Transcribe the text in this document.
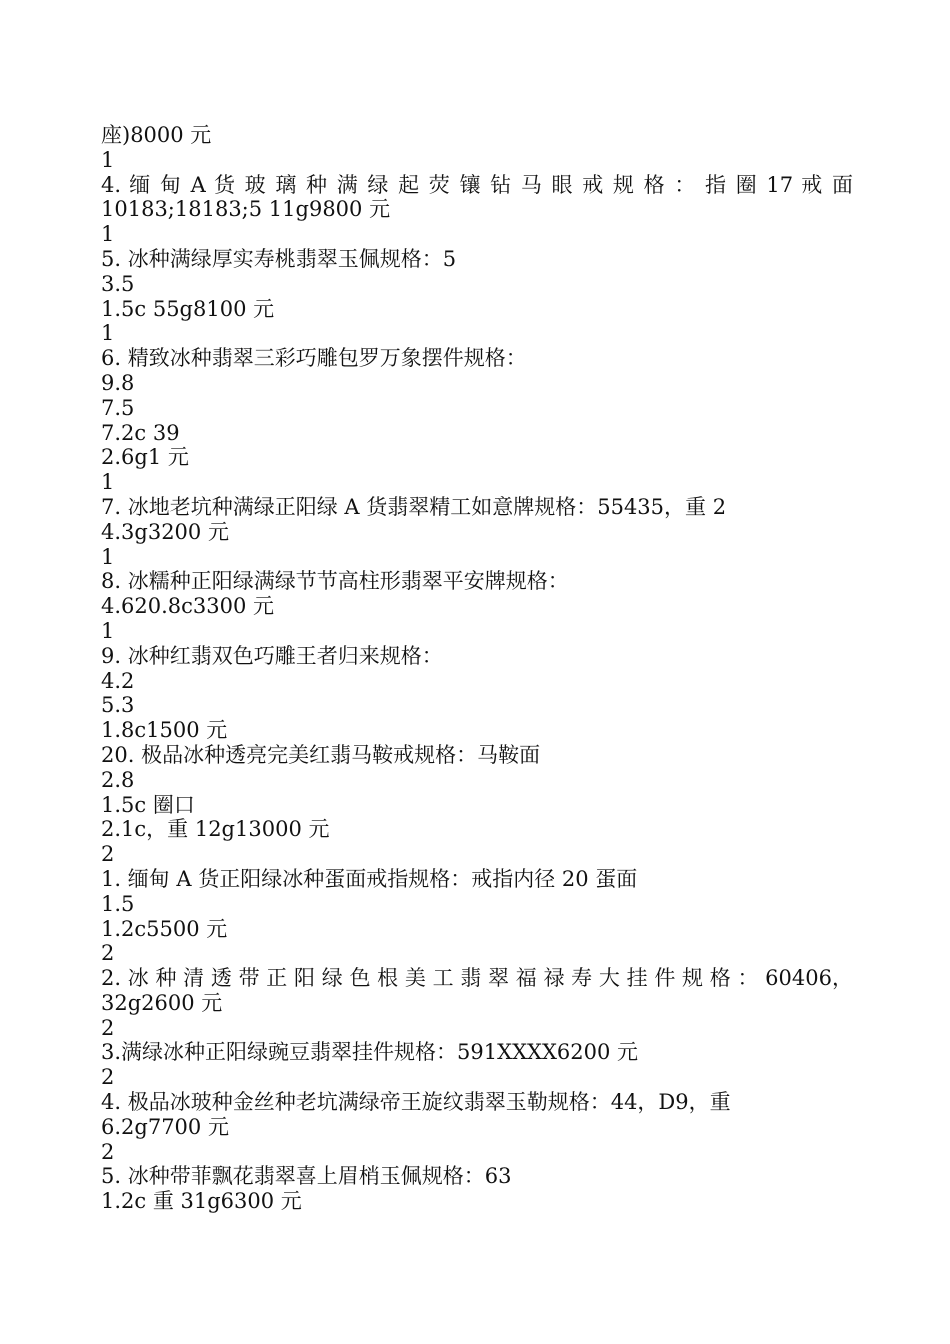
座)8000 元
1
4. 缅 甸 A 货 玻 璃 种 满 绿 起 荧 镶 钻 马 眼 戒 规 格 ： 指 圈 17 戒 面
10183;18183;5 11g9800 元
1
5. 冰种满绿厚实寿桃翡翠玉佩规格：5
3.5
1.5c 55g8100 元
1
6. 精致冰种翡翠三彩巧雕包罗万象摆件规格：
9.8
7.5
7.2c 39
2.6g1 元
1
7. 冰地老坑种满绿正阳绿 A 货翡翠精工如意牌规格：55435，重 2
4.3g3200 元
1
8. 冰糯种正阳绿满绿节节高柱形翡翠平安牌规格：
4.620.8c3300 元
1
9. 冰种红翡双色巧雕王者归来规格：
4.2
5.3
1.8c1500 元
20. 极品冰种透亮完美红翡马鞍戒规格：马鞍面
2.8
1.5c 圈口
2.1c，重 12g13000 元
2
1. 缅甸 A 货正阳绿冰种蛋面戒指规格：戒指内径 20 蛋面
1.5
1.2c5500 元
2
2. 冰 种 清 透 带 正 阳 绿 色 根 美 工 翡 翠 福 禄 寿 大 挂 件 规 格 ： 60406，
32g2600 元
2
3.满绿冰种正阳绿豌豆翡翠挂件规格：591XXXX6200 元
2
4. 极品冰玻种金丝种老坑满绿帝王旋纹翡翠玉勒规格：44，D9，重
6.2g7700 元
2
5. 冰种带菲飘花翡翠喜上眉梢玉佩规格：63
1.2c 重 31g6300 元
